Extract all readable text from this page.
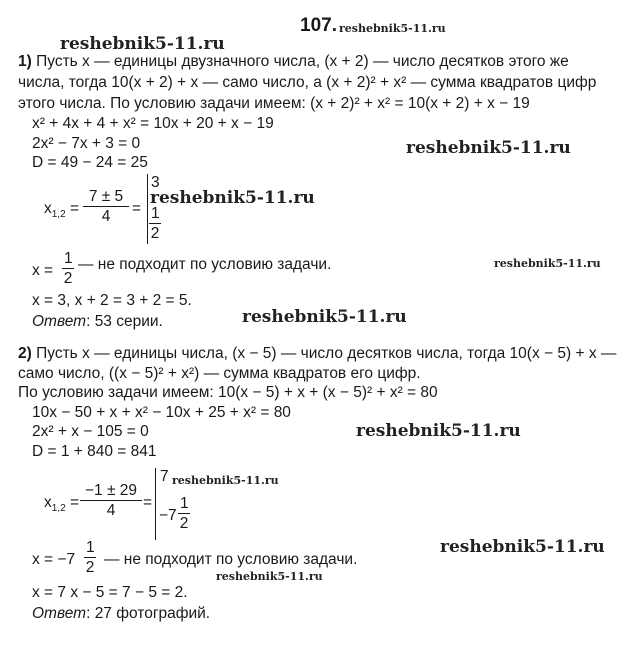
107. reshebnik5-11.ru
reshebnik5-11.ru
reshebnik5-11.ru
reshebnik5-11.ru
reshebnik5-11.ru
reshebnik5-11.ru
reshebnik5-11.ru
reshebnik5-11.ru
reshebnik5-11.ru
reshebnik5-11.ru
1) Пусть x — единицы двузначного числа, (x + 2) — число десятков этого же
числа, тогда 10(x + 2) + x — само число, а (x + 2)² + x² — сумма квадратов цифр
этого числа. По условию задачи имеем: (x + 2)² + x² = 10(x + 2) + x − 19
x² + 4x + 4 + x² = 10x + 20 + x − 19
2x² − 7x + 3 = 0
D = 49 − 24 = 25
$x_{1,2} = \frac{7 \pm 5}{4}$ =
3
$\frac{1}{2}$
$x = \frac{1}{2}$ — не подходит по условию задачи.
x = 3, x + 2 = 3 + 2 = 5.
Ответ: 53 серии.
2) Пусть x — единицы числа, (x − 5) — число десятков числа, тогда 10(x − 5) + x —
само число, ((x − 5)² + x²) — сумма квадратов его цифр.
По условию задачи имеем: 10(x − 5) + x + (x − 5)² + x² = 80
10x − 50 + x + x² − 10x + 25 + x² = 80
2x² + x − 105 = 0
D = 1 + 840 = 841
$x_{1,2} = \frac{-1 \pm 29}{4}$ =
7
$-7 \frac{1}{2}$
$x = -7 \frac{1}{2}$ — не подходит по условию задачи.
x = 7 x − 5 = 7 − 5 = 2.
Ответ: 27 фотографий.
